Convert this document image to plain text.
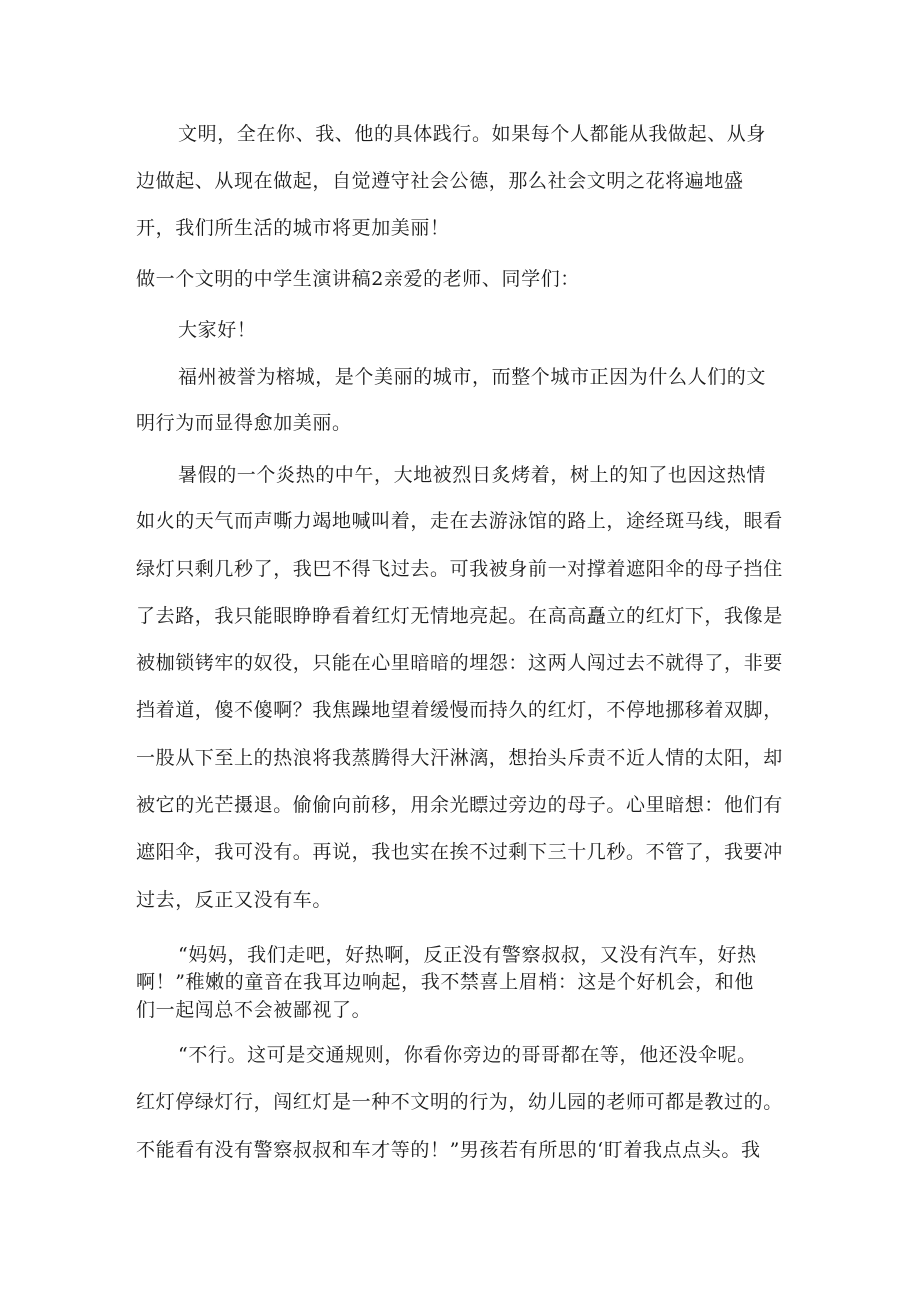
文明，全在你、我、他的具体践行。如果每个人都能从我做起、从身
边做起、从现在做起，自觉遵守社会公德，那么社会文明之花将遍地盛
开，我们所生活的城市将更加美丽！
做一个文明的中学生演讲稿2亲爱的老师、同学们：
大家好！
福州被誉为榕城，是个美丽的城市，而整个城市正因为什么人们的文
明行为而显得愈加美丽。
暑假的一个炎热的中午，大地被烈日炙烤着，树上的知了也因这热情
如火的天气而声嘶力竭地喊叫着，走在去游泳馆的路上，途经斑马线，眼看
绿灯只剩几秒了，我巴不得飞过去。可我被身前一对撑着遮阳伞的母子挡住
了去路，我只能眼睁睁看着红灯无情地亮起。在高高矗立的红灯下，我像是
被枷锁铐牢的奴役，只能在心里暗暗的埋怨：这两人闯过去不就得了，非要
挡着道，傻不傻啊？我焦躁地望着缓慢而持久的红灯，不停地挪移着双脚，
一股从下至上的热浪将我蒸腾得大汗淋漓，想抬头斥责不近人情的太阳，却
被它的光芒摄退。偷偷向前移，用余光瞟过旁边的母子。心里暗想：他们有
遮阳伞，我可没有。再说，我也实在挨不过剩下三十几秒。不管了，我要冲
过去，反正又没有车。
“妈妈，我们走吧，好热啊，反正没有警察叔叔，又没有汽车，好热
啊！”稚嫩的童音在我耳边响起，我不禁喜上眉梢：这是个好机会，和他
们一起闯总不会被鄙视了。
“不行。这可是交通规则，你看你旁边的哥哥都在等，他还没伞呢。
红灯停绿灯行，闯红灯是一种不文明的行为，幼儿园的老师可都是教过的。
不能看有没有警察叔叔和车才等的！”男孩若有所思的‘盯着我点点头。我
